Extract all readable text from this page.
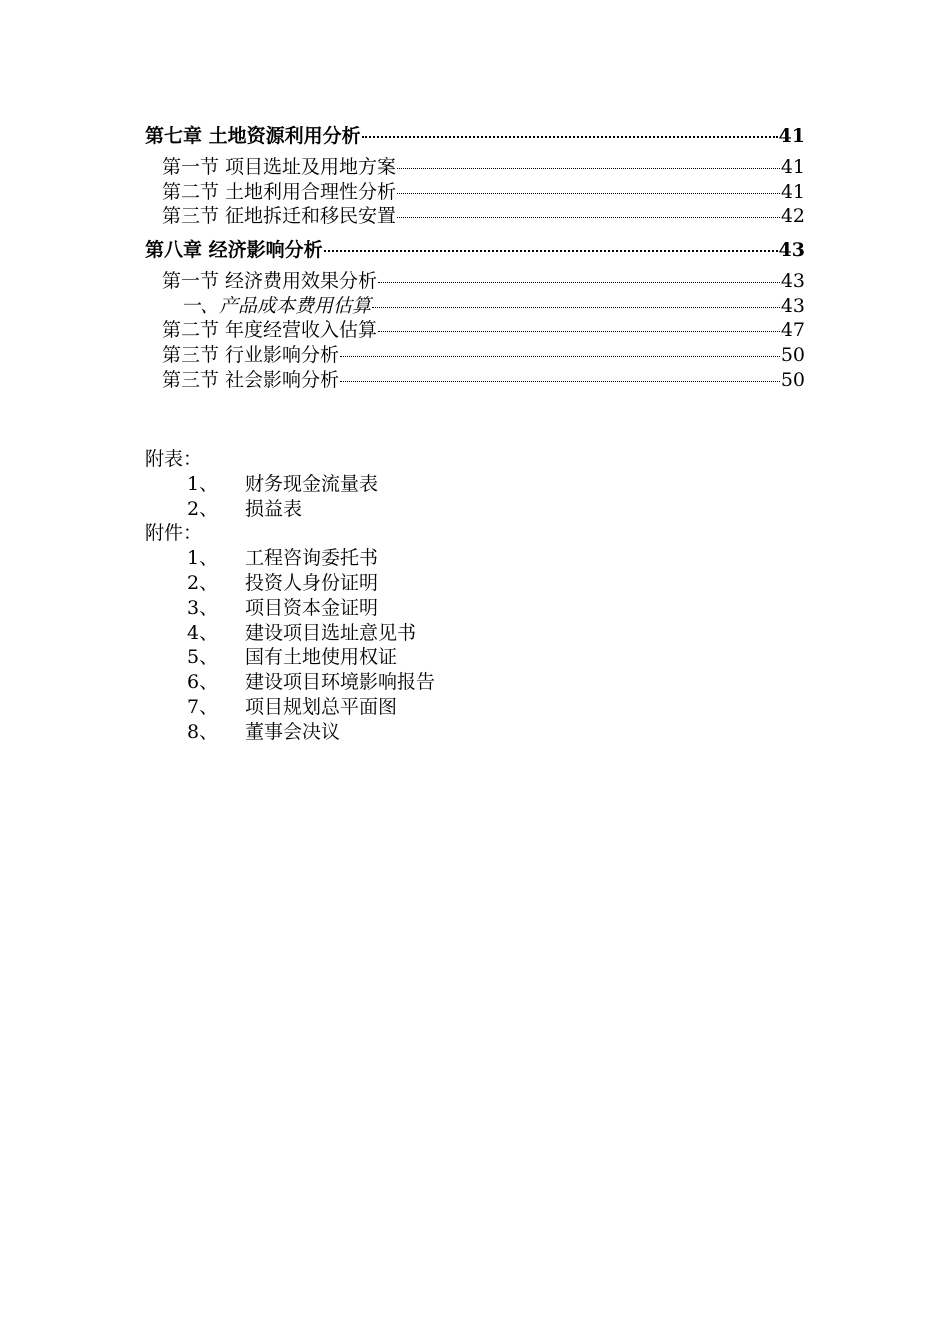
第七章 土地资源利用分析	41
第一节 项目选址及用地方案	41
第二节 土地利用合理性分析	41
第三节 征地拆迁和移民安置	42
第八章 经济影响分析	43
第一节 经济费用效果分析	43
一、产品成本费用估算	43
第二节 年度经营收入估算	47
第三节 行业影响分析	50
第三节 社会影响分析	50
附表：
1、	财务现金流量表
2、	损益表
附件：
1、	工程咨询委托书
2、	投资人身份证明
3、	项目资本金证明
4、	建设项目选址意见书
5、	国有土地使用权证
6、	建设项目环境影响报告
7、	项目规划总平面图
8、	董事会决议
